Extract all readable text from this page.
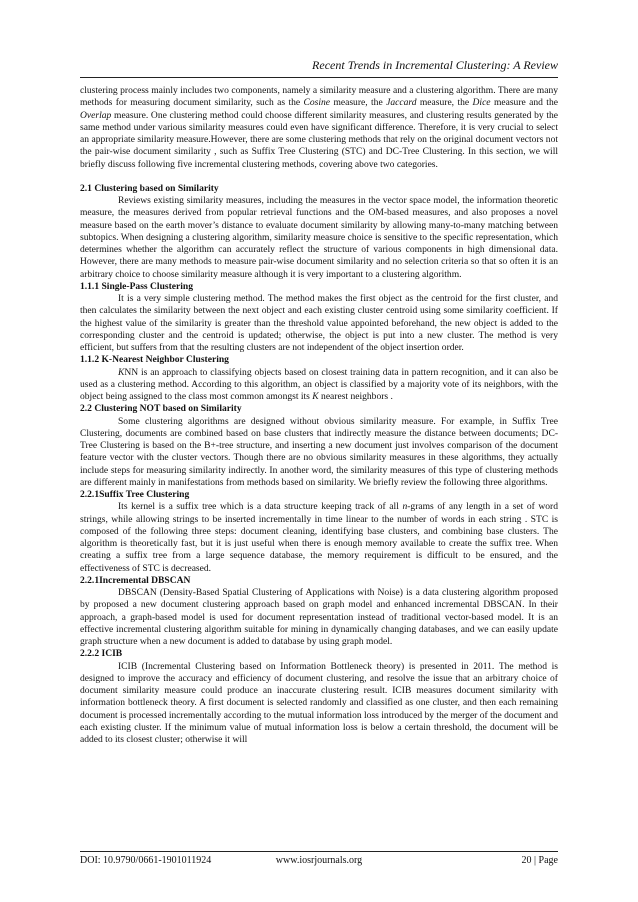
Recent Trends in Incremental Clustering: A Review

clustering process mainly includes two components, namely a similarity measure and a clustering algorithm. There are many methods for measuring document similarity, such as the Cosine measure, the Jaccard measure, the Dice measure and the Overlap measure. One clustering method could choose different similarity measures, and clustering results generated by the same method under various similarity measures could even have significant difference. Therefore, it is very crucial to select an appropriate similarity measure.However, there are some clustering methods that rely on the original document vectors not the pair-wise document similarity , such as Suffix Tree Clustering (STC) and DC-Tree Clustering. In this section, we will briefly discuss following five incremental clustering methods, covering above two categories.

2.1 Clustering based on Similarity

Reviews existing similarity measures, including the measures in the vector space model, the information theoretic measure, the measures derived from popular retrieval functions and the OM-based measures, and also proposes a novel measure based on the earth mover’s distance to evaluate document similarity by allowing many-to-many matching between subtopics. When designing a clustering algorithm, similarity measure choice is sensitive to the specific representation, which determines whether the algorithm can accurately reflect the structure of various components in high dimensional data. However, there are many methods to measure pair-wise document similarity and no selection criteria so that so often it is an arbitrary choice to choose similarity measure although it is very important to a clustering algorithm.

1.1.1 Single-Pass Clustering

It is a very simple clustering method. The method makes the first object as the centroid for the first cluster, and then calculates the similarity between the next object and each existing cluster centroid using some similarity coefficient. If the highest value of the similarity is greater than the threshold value appointed beforehand, the new object is added to the corresponding cluster and the centroid is updated; otherwise, the object is put into a new cluster. The method is very efficient, but suffers from that the resulting clusters are not independent of the object insertion order.

1.1.2 K-Nearest Neighbor Clustering

KNN is an approach to classifying objects based on closest training data in pattern recognition, and it can also be used as a clustering method. According to this algorithm, an object is classified by a majority vote of its neighbors, with the object being assigned to the class most common amongst its K nearest neighbors .

2.2 Clustering NOT based on Similarity

Some clustering algorithms are designed without obvious similarity measure. For example, in Suffix Tree Clustering, documents are combined based on base clusters that indirectly measure the distance between documents; DC-Tree Clustering is based on the B+-tree structure, and inserting a new document just involves comparison of the document feature vector with the cluster vectors. Though there are no obvious similarity measures in these algorithms, they actually include steps for measuring similarity indirectly. In another word, the similarity measures of this type of clustering methods are different mainly in manifestations from methods based on similarity. We briefly review the following three algorithms.

2.2.1Suffix Tree Clustering

Its kernel is a suffix tree which is a data structure keeping track of all n-grams of any length in a set of word strings, while allowing strings to be inserted incrementally in time linear to the number of words in each string . STC is composed of the following three steps: document cleaning, identifying base clusters, and combining base clusters. The algorithm is theoretically fast, but it is just useful when there is enough memory available to create the suffix tree. When creating a suffix tree from a large sequence database, the memory requirement is difficult to be ensured, and the effectiveness of STC is decreased.

2.2.1Incremental DBSCAN

DBSCAN (Density-Based Spatial Clustering of Applications with Noise) is a data clustering algorithm proposed by proposed a new document clustering approach based on graph model and enhanced incremental DBSCAN. In their approach, a graph-based model is used for document representation instead of traditional vector-based model. It is an effective incremental clustering algorithm suitable for mining in dynamically changing databases, and we can easily update graph structure when a new document is added to database by using graph model.

2.2.2 ICIB

ICIB (Incremental Clustering based on Information Bottleneck theory) is presented in 2011. The method is designed to improve the accuracy and efficiency of document clustering, and resolve the issue that an arbitrary choice of document similarity measure could produce an inaccurate clustering result. ICIB measures document similarity with information bottleneck theory. A first document is selected randomly and classified as one cluster, and then each remaining document is processed incrementally according to the mutual information loss introduced by the merger of the document and each existing cluster. If the minimum value of mutual information loss is below a certain threshold, the document will be added to its closest cluster; otherwise it will

DOI: 10.9790/0661-1901011924	www.iosrjournals.org	20 | Page
